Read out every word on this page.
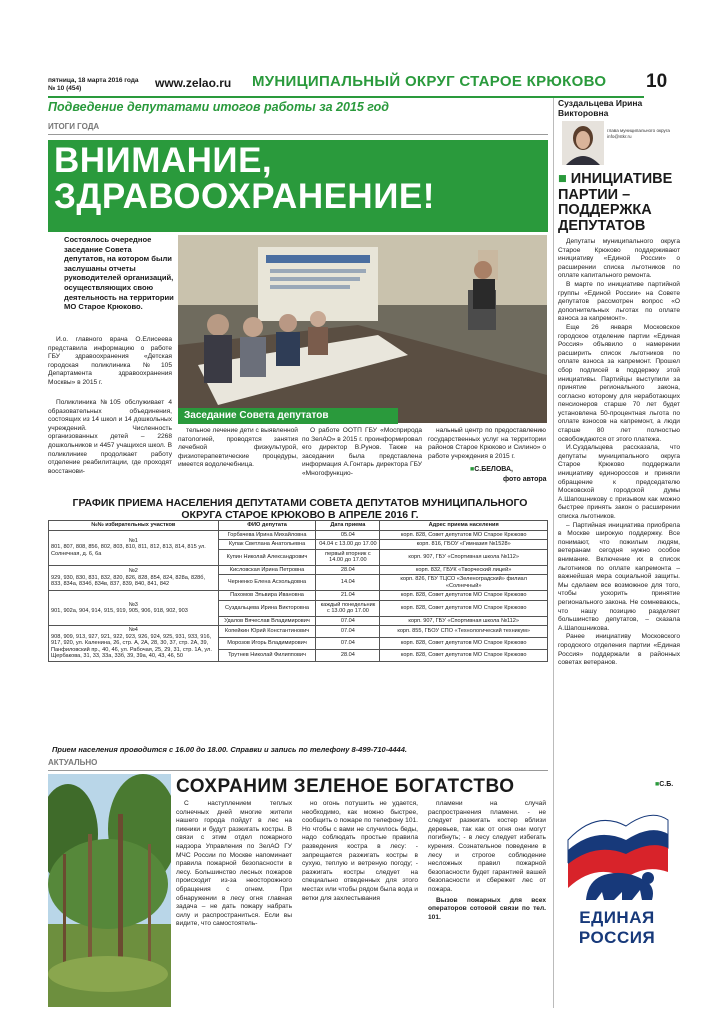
пятница, 18 марта 2016 года
№ 10 (454)	www.zelao.ru МУНИЦИПАЛЬНЫЙ ОКРУГ СТАРОЕ КРЮКОВО 10
Подведение депутатами итогов работы за 2015 год
ИТОГИ ГОДА
ВНИМАНИЕ,
ЗДРАВООХРАНЕНИЕ!
Состоялось очередное заседание Совета депутатов, на котором были заслушаны отчеты руководителей организаций, осуществляющих свою деятельность на территории МО Старое Крюково.
Заседание Совета депутатов

И.о. главного врача О.Елисеева представила информацию о работе ГБУ здравоохранения «Детская городская поликлиника №105 Департамента здравоохранения Москвы» в 2015 г.

Поликлиника №105 обслуживает 4 образовательных объединения, состоящих из 14 школ и 14 дошкольных учреждений. Численность организованных детей – 2268 дошкольников и 4457 учащихся школ. В поликлинике продолжает работу отделение реабилитации, где проходят восстанови-

тельное лечение дети с выявленной патологией, проводятся занятия лечебной физкультурой, физиотерапевтические процедуры, имеется водолечебница.

О работе ООТП ГБУ «Мосприрода по ЗелАО» в 2015 г. проинформировал его директор В.Рунов. Также на заседании была представлена информация А.Гонтарь директора ГБУ «Многофункцио-

нальный центр по предоставлению государственных услуг на территории районов Старое Крюково и Силино» о работе учреждения в 2015 г.

■С.БЕЛОВА,
фото автора
ГРАФИК ПРИЕМА НАСЕЛЕНИЯ ДЕПУТАТАМИ СОВЕТА ДЕПУТАТОВ МУНИЦИПАЛЬНОГО
ОКРУГА СТАРОЕ КРЮКОВО В АПРЕЛЕ 2016 Г.
№№ избирательных участков	ФИО депутата	Дата приема	Адрес приема населения

№1
801, 807, 808, 856, 802, 803, 810, 811, 812, 813, 814, 815 ул. Солнечная, д. 6, 6а	Горбачева Ирина Михайловна	05.04	корп. 828, Совет депутатов МО Старое Крюково
	Купак Светлана Анатольевна	04.04 с 13.00 до 17.00	корп. 816, ГБОУ «Гимназия №1528»
	Купин Николай Александрович	первый вторник с 14.00 до 17.00	корп. 907, ГБУ «Спортивная школа №112»

№2
929, 930, 830, 831, 832, 820, 826, 828, 854, 824, 828a, 828б, 833, 834a, 834б, 834в, 837, 839, 840, 841, 842	Кисловская Ирина Петровна	28.04	корп. 832, ГБУК «Творческий лицей»
	Черненко Елена Асхольдовна	14.04	корп. 826, ГБУ ТЦСО «Зеленоградский» филиал «Солнечный»

№3
901, 902a, 904, 914, 915, 919, 905, 906, 918, 902, 903	Пахомов Эльвира Ивановна	21.04	корп. 828, Совет депутатов МО Старое Крюково
	Суздальцева Ирина Викторовна	каждый понедельник с 13.00 до 17.00	корп. 828, Совет депутатов МО Старое Крюково
	Удалов Вячеслав Владимирович	07.04	корп. 907, ГБУ «Спортивная школа №112»

№4
908, 909, 913, 927, 921, 922, 923, 926, 924, 925, 931, 933, 916, 917, 920, ул. Каленина, 26, стр. А, 2А, 28, 30, 37, стр. 2А, 39, Панфиловский пр., 40, 46, ул. Рабочая, 25, 29, 31, стр. 1А, ул. Щербакова, 31, 33, 33а, 33б, 39, 39а, 40, 43, 46, 50	Копейкин Юрий Константинович	07.04	корп. 855, ГБОУ СПО «Технологический техникум»
	Морозов Игорь Владимирович	07.04	корп. 828, Совет депутатов МО Старое Крюково
	Трутнев Николай Филиппович	28.04	корп. 828, Совет депутатов МО Старое Крюково
Прием населения проводится с 16.00 до 18.00. Справки и запись по телефону 8-499-710-4444.
АКТУАЛЬНО
СОХРАНИМ ЗЕЛЕНОЕ БОГАТСТВО

С наступлением теплых солнечных дней многие жители нашего города пойдут в лес на пикники и будут разжигать костры. В связи с этим отдел пожарного надзора Управления по ЗелАО ГУ МЧС России по Москве напоминает правила пожарной безопасности в лесу. Большинство лесных пожаров происходит из-за неосторожного обращения с огнем. При обнаружении в лесу огня главная задача – не дать пожару набрать силу и распространиться. Если вы видите, что самостоятель-

но огонь потушить не удается, необходимо, как можно быстрее, сообщить о пожаре по телефону 101. Но чтобы с вами не случилось беды, надо соблюдать простые правила разведения костра в лесу: - запрещается разжигать костры в сухую, теплую и ветреную погоду; - разжигать костры следует на специально отведенных для этого местах или чтобы рядом была вода и ветки для захлестывания

пламени на случай распространения пламени. - не следует разжигать костер вблизи деревьев, так как от огня они могут погибнуть; - в лесу следует избегать курения. Сознательное поведение в лесу и строгое соблюдение несложных правил пожарной безопасности будет гарантией вашей безопасности и сбережет лес от пожара.

Вызов пожарных для всех операторов сотовой связи по тел. 101.

Суздальцева Ирина Викторовна
глава муниципального округа info@stkr.ru
■ ИНИЦИАТИВЕ ПАРТИИ – ПОДДЕРЖКА ДЕПУТАТОВ

Депутаты муниципального округа Старое Крюково поддерживают инициативу «Единой России» о расширении списка льготников по оплате капитального ремонта.

В марте по инициативе партийной группы «Единой России» на Совете депутатов рассмотрен вопрос «О дополнительных льготах по оплате взноса за капремонт».

Еще 26 января Московское городское отделение партии «Единая Россия» объявило о намерении расширить список льготников по оплате взноса за капремонт. Прошел сбор подписей в поддержку этой инициативы. Партийцы выступили за принятие регионального закона, согласно которому для неработающих пенсионеров старше 70 лет будет установлена 50-процентная льгота по оплате взносов на капремонт, а люди старше 80 лет полностью освобождаются от этого платежа.

И.Суздальцева рассказала, что депутаты муниципального округа Старое Крюково поддержали инициативу единороссов и приняли обращение к председателю Московской городской думы А.Шапошникову с призывом как можно быстрее принять закон о расширении списка льготников.

– Партийная инициатива приобрела в Москве широкую поддержку. Все понимают, что пожилым людям, ветеранам сегодня нужно особое внимание. Включение их в список льготников по оплате капремонта – важнейшая мера социальной защиты. Мы сделаем все возможное для того, чтобы ускорить принятие регионального закона. Не сомневаюсь, что нашу позицию разделяет большинство депутатов, – сказала А.Шапошникова.

Ранее инициативу Московского городского отделения партии «Единая Россия» поддержали в районных советах ветеранов.

■С.Б.
ЕДИНАЯ
РОССИЯ
